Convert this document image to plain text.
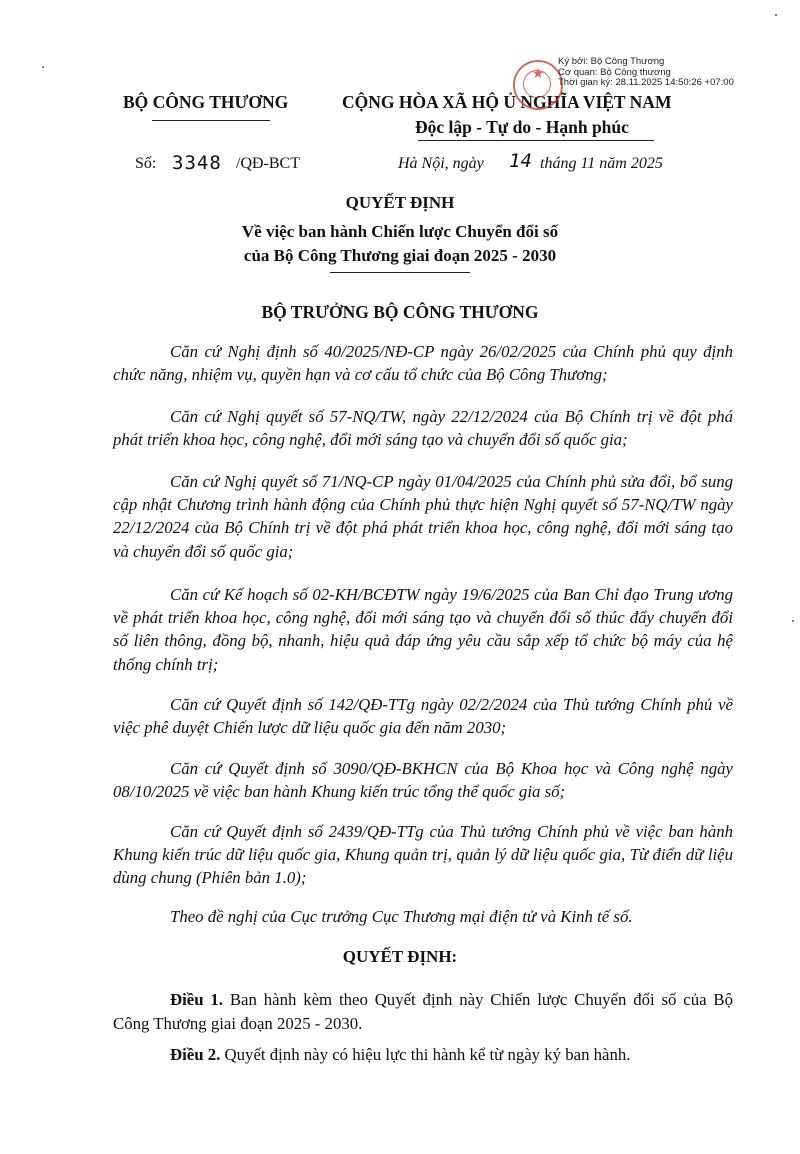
BỘ CÔNG THƯƠNG	CỘNG HÒA XÃ HỘ Ủ NGHĨA VIỆT NAM
Độc lập - Tự do - Hạnh phúc
★
Ký bởi: Bộ Công Thương
Cơ quan: Bộ Công thương
Thời gian ký: 28.11.2025 14:50:26 +07:00
Số: 3348 /QĐ-BCT	Hà Nội, ngày 14 tháng 11 năm 2025
QUYẾT ĐỊNH
Về việc ban hành Chiến lược Chuyển đổi số
của Bộ Công Thương giai đoạn 2025 - 2030
BỘ TRƯỞNG BỘ CÔNG THƯƠNG
Căn cứ Nghị định số 40/2025/NĐ-CP ngày 26/02/2025 của Chính phủ quy định chức năng, nhiệm vụ, quyền hạn và cơ cấu tổ chức của Bộ Công Thương;
Căn cứ Nghị quyết số 57-NQ/TW, ngày 22/12/2024 của Bộ Chính trị về đột phá phát triển khoa học, công nghệ, đổi mới sáng tạo và chuyển đổi số quốc gia;
Căn cứ Nghị quyết số 71/NQ-CP ngày 01/04/2025 của Chính phủ sửa đổi, bổ sung cập nhật Chương trình hành động của Chính phủ thực hiện Nghị quyết số 57-NQ/TW ngày 22/12/2024 của Bộ Chính trị về đột phá phát triển khoa học, công nghệ, đổi mới sáng tạo và chuyển đổi số quốc gia;
Căn cứ Kế hoạch số 02-KH/BCĐTW ngày 19/6/2025 của Ban Chỉ đạo Trung ương về phát triển khoa học, công nghệ, đổi mới sáng tạo và chuyển đổi số thúc đẩy chuyển đổi số liên thông, đồng bộ, nhanh, hiệu quả đáp ứng yêu cầu sắp xếp tổ chức bộ máy của hệ thống chính trị;
Căn cứ Quyết định số 142/QĐ-TTg ngày 02/2/2024 của Thủ tướng Chính phủ về việc phê duyệt Chiến lược dữ liệu quốc gia đến năm 2030;
Căn cứ Quyết định số 3090/QĐ-BKHCN của Bộ Khoa học và Công nghệ ngày 08/10/2025 về việc ban hành Khung kiến trúc tổng thể quốc gia số;
Căn cứ Quyết định số 2439/QĐ-TTg của Thủ tướng Chính phủ về việc ban hành Khung kiến trúc dữ liệu quốc gia, Khung quản trị, quản lý dữ liệu quốc gia, Từ điển dữ liệu dùng chung (Phiên bản 1.0);
Theo đề nghị của Cục trưởng Cục Thương mại điện tử và Kinh tế số.
QUYẾT ĐỊNH:
Điều 1. Ban hành kèm theo Quyết định này Chiến lược Chuyển đổi số của Bộ Công Thương giai đoạn 2025 - 2030.
Điều 2. Quyết định này có hiệu lực thi hành kể từ ngày ký ban hành.
